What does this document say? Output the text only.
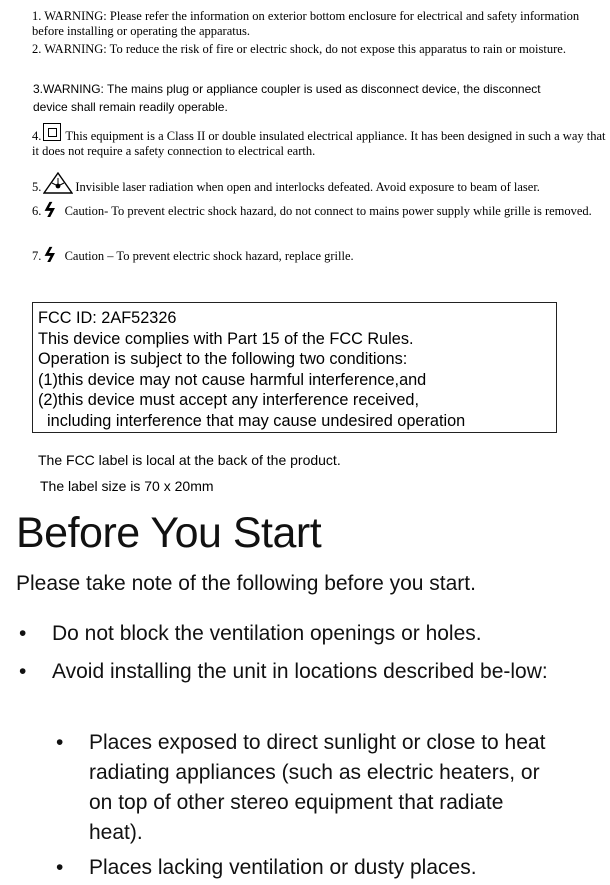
1. WARNING: Please refer the information on exterior bottom enclosure for electrical and safety information before installing or operating the apparatus.
2. WARNING: To reduce the risk of fire or electric shock, do not expose this apparatus to rain or moisture.
3.WARNING: The mains plug or appliance coupler is used as disconnect device, the disconnect device shall remain readily operable.
4. This equipment is a Class II or double insulated electrical appliance. It has been designed in such a way that it does not require a safety connection to electrical earth.
5.	Invisible laser radiation when open and interlocks defeated. Avoid exposure to beam of laser.
6.ϟ Caution- To prevent electric shock hazard, do not connect to mains power supply while grille is removed.
7.ϟ Caution – To prevent electric shock hazard, replace grille.
FCC ID: 2AF52326
This device complies with Part 15 of the FCC Rules.
Operation is subject to the following two conditions:
(1)this device may not cause harmful interference,and
(2)this device must accept any interference received,
including interference that may cause undesired operation
The FCC label is local at the back of the product.
The label size is 70 x 20mm
Before You Start
Please take note of the following before you start.
• Do not block the ventilation openings or holes.
• Avoid installing the unit in locations described be-low:
• Places exposed to direct sunlight or close to heat radiating appliances (such as electric heaters, or on top of other stereo equipment that radiate heat).
• Places lacking ventilation or dusty places.
